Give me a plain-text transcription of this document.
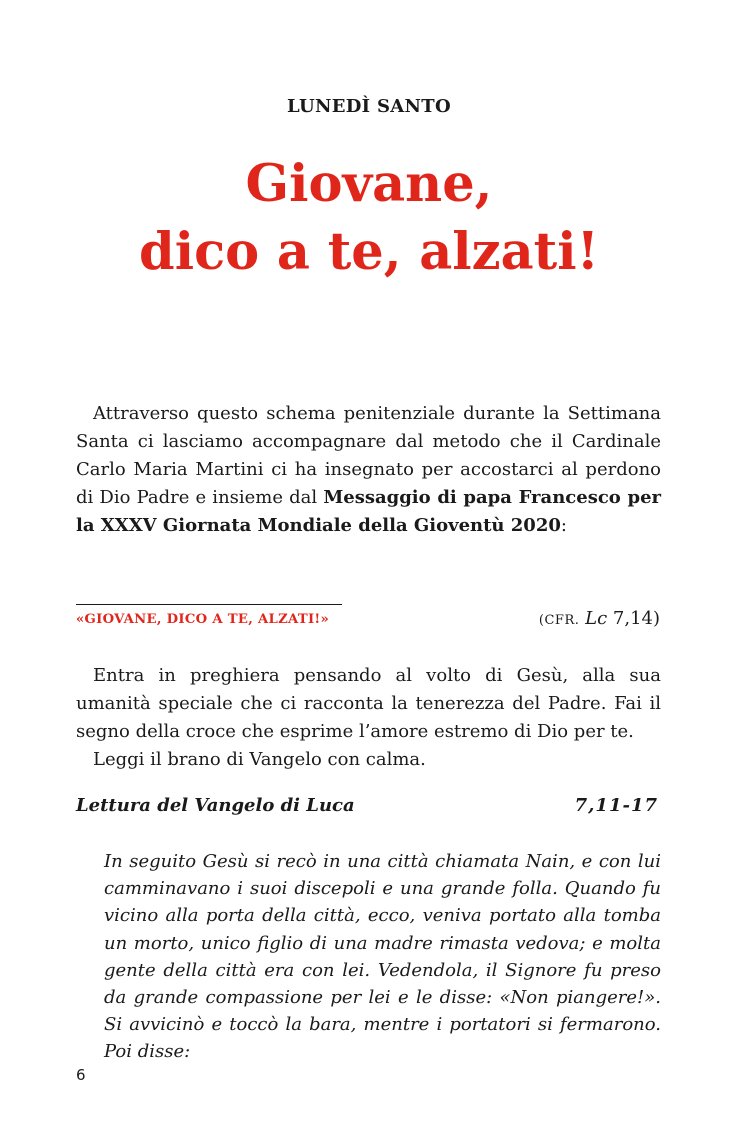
LUNEDÌ SANTO
Giovane,
dico a te, alzati!

Attraverso questo schema penitenziale durante la Settimana Santa ci lasciamo accompagnare dal metodo che il Cardinale Carlo Maria Martini ci ha insegnato per accostarci al perdono di Dio Padre e insieme dal Messaggio di papa Francesco per la XXXV Giornata Mondiale della Gioventù 2020:

«GIOVANE, DICO A TE, ALZATI!»	(CFR. Lc 7,14)

Entra in preghiera pensando al volto di Gesù, alla sua umanità speciale che ci racconta la tenerezza del Padre. Fai il segno della croce che esprime l’amore estremo di Dio per te.

Leggi il brano di Vangelo con calma.

Lettura del Vangelo di Luca	7,11-17

In seguito Gesù si recò in una città chiamata Nain, e con lui camminavano i suoi discepoli e una grande folla. Quando fu vicino alla porta della città, ecco, veniva portato alla tomba un morto, unico figlio di una madre rimasta vedova; e molta gente della città era con lei. Vedendola, il Signore fu preso da grande compassione per lei e le disse: «Non piangere!». Si avvicinò e toccò la bara, mentre i portatori si fermarono. Poi disse:

6
